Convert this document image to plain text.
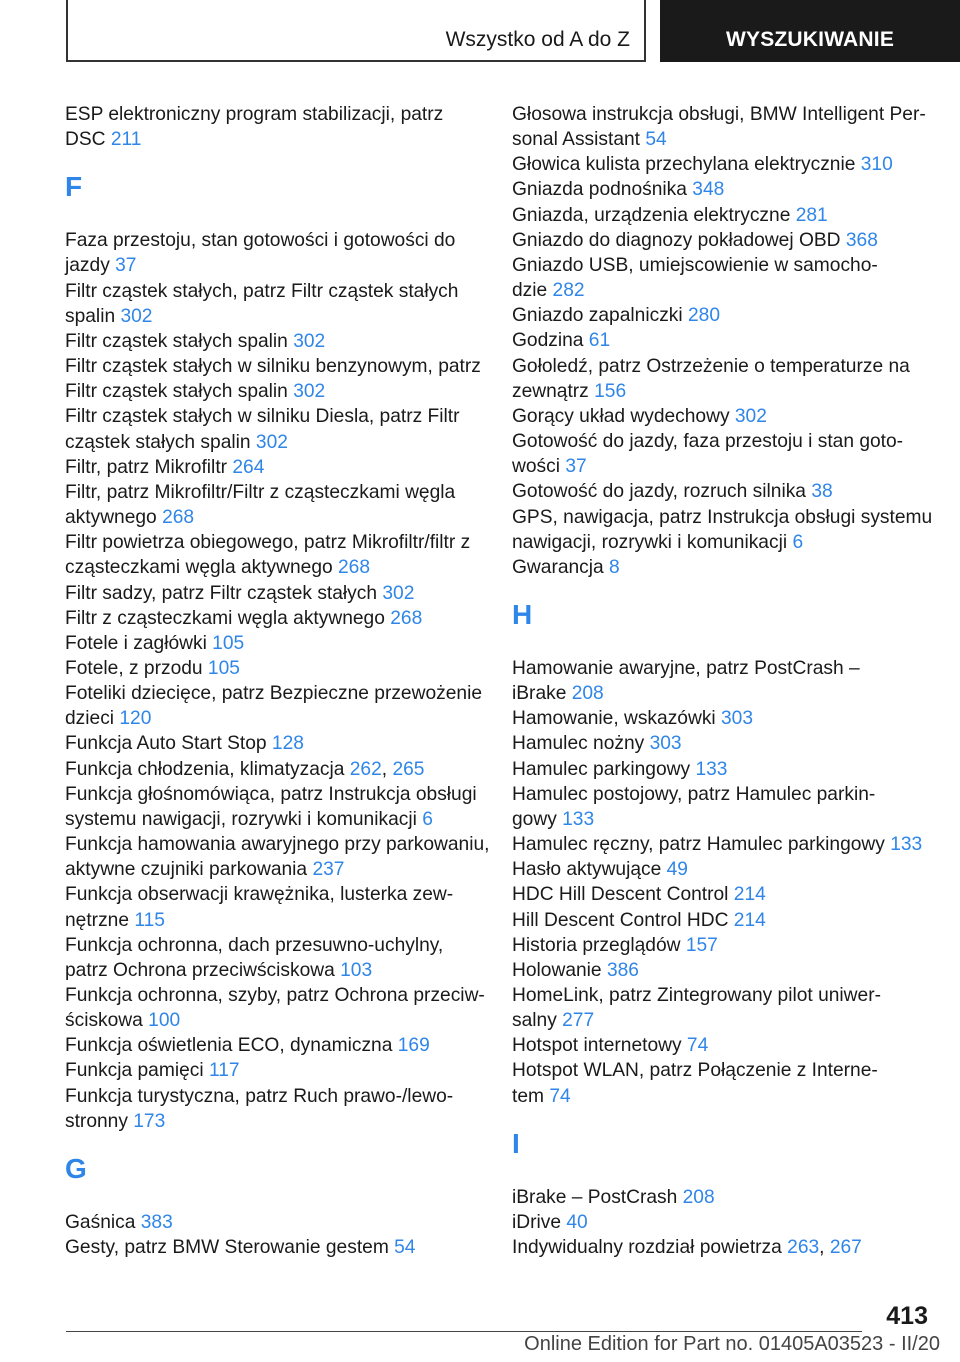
Wszystko od A do Z	WYSZUKIWANIE
ESP elektroniczny program stabilizacji, patrz
DSC 211
F
Faza przestoju, stan gotowości i gotowości do
jazdy 37
Filtr cząstek stałych, patrz Filtr cząstek stałych
spalin 302
Filtr cząstek stałych spalin 302
Filtr cząstek stałych w silniku benzynowym, patrz
Filtr cząstek stałych spalin 302
Filtr cząstek stałych w silniku Diesla, patrz Filtr
cząstek stałych spalin 302
Filtr, patrz Mikrofiltr 264
Filtr, patrz Mikrofiltr/Filtr z cząsteczkami węgla
aktywnego 268
Filtr powietrza obiegowego, patrz Mikrofiltr/filtr z
cząsteczkami węgla aktywnego 268
Filtr sadzy, patrz Filtr cząstek stałych 302
Filtr z cząsteczkami węgla aktywnego 268
Fotele i zagłówki 105
Fotele, z przodu 105
Foteliki dziecięce, patrz Bezpieczne przewożenie
dzieci 120
Funkcja Auto Start Stop 128
Funkcja chłodzenia, klimatyzacja 262, 265
Funkcja głośnomówiąca, patrz Instrukcja obsługi
systemu nawigacji, rozrywki i komunikacji 6
Funkcja hamowania awaryjnego przy parkowaniu,
aktywne czujniki parkowania 237
Funkcja obserwacji krawężnika, lusterka zew-
nętrzne 115
Funkcja ochronna, dach przesuwno-uchylny,
patrz Ochrona przeciwściskowa 103
Funkcja ochronna, szyby, patrz Ochrona przeciw-
ściskowa 100
Funkcja oświetlenia ECO, dynamiczna 169
Funkcja pamięci 117
Funkcja turystyczna, patrz Ruch prawo-/lewo-
stronny 173
G
Gaśnica 383
Gesty, patrz BMW Sterowanie gestem 54
Głosowa instrukcja obsługi, BMW Intelligent Per-
sonal Assistant 54
Głowica kulista przechylana elektrycznie 310
Gniazda podnośnika 348
Gniazda, urządzenia elektryczne 281
Gniazdo do diagnozy pokładowej OBD 368
Gniazdo USB, umiejscowienie w samocho-
dzie 282
Gniazdo zapalniczki 280
Godzina 61
Gołoledź, patrz Ostrzeżenie o temperaturze na
zewnątrz 156
Gorący układ wydechowy 302
Gotowość do jazdy, faza przestoju i stan goto-
wości 37
Gotowość do jazdy, rozruch silnika 38
GPS, nawigacja, patrz Instrukcja obsługi systemu
nawigacji, rozrywki i komunikacji 6
Gwarancja 8
H
Hamowanie awaryjne, patrz PostCrash –
iBrake 208
Hamowanie, wskazówki 303
Hamulec nożny 303
Hamulec parkingowy 133
Hamulec postojowy, patrz Hamulec parkin-
gowy 133
Hamulec ręczny, patrz Hamulec parkingowy 133
Hasło aktywujące 49
HDC Hill Descent Control 214
Hill Descent Control HDC 214
Historia przeglądów 157
Holowanie 386
HomeLink, patrz Zintegrowany pilot uniwer-
salny 277
Hotspot internetowy 74
Hotspot WLAN, patrz Połączenie z Interne-
tem 74
I
iBrake – PostCrash 208
iDrive 40
Indywidualny rozdział powietrza 263, 267
413
Online Edition for Part no. 01405A03523 - II/20
